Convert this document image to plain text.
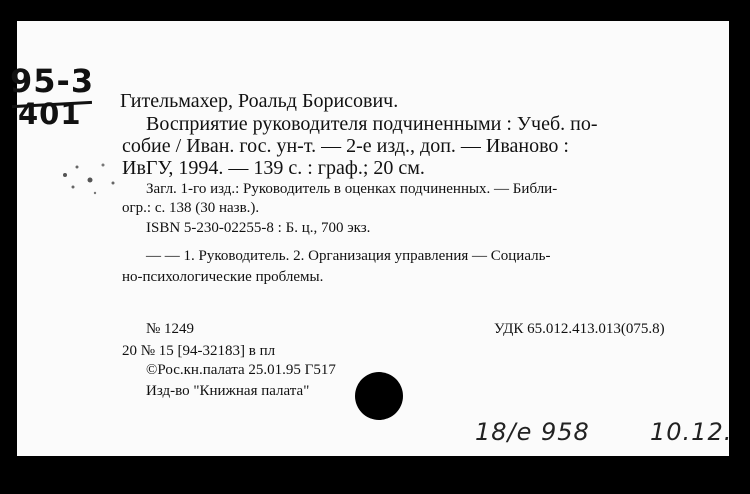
95-3
401 Гительмахер, Роальд Борисович.
Восприятие руководителя подчиненными : Учеб. по-
собие / Иван. гос. ун-т. — 2-е изд., доп. — Иваново :
ИвГУ, 1994. — 139 с. : граф.; 20 см.
Загл. 1-го изд.: Руководитель в оценках подчиненных. — Библи-
огр.: с. 138 (30 назв.).
ISBN 5-230-02255-8 : Б. ц., 700 экз.
— — 1. Руководитель. 2. Организация управления — Социаль-
но-психологические проблемы.
№ 1249	УДК 65.012.413.013(075.8)
20 № 15 [94-32183] в пл
©Рос.кн.палата 25.01.95 Г517
Изд-во "Книжная палата"
18/е 958	10.12.
